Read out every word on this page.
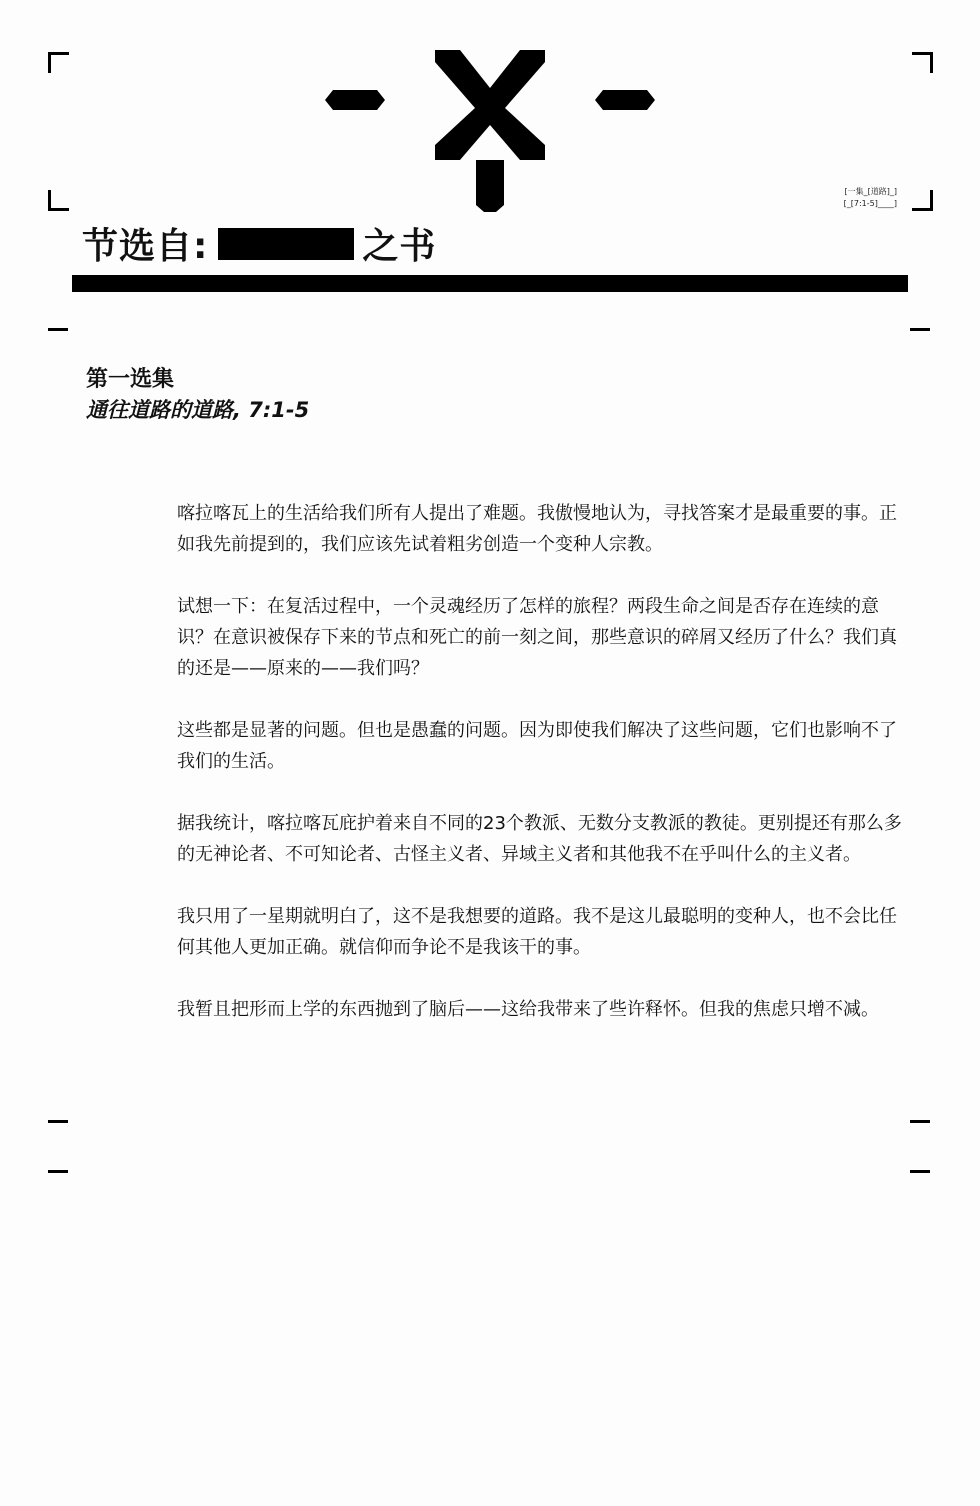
[一集_[道路]_]
[_[7:1-5]____]
节选自:	之书
第一选集
通往道路的道路, 7:1-5

喀拉喀瓦上的生活给我们所有人提出了难题。我傲慢地认为，寻找答案才是最重要的事。正如我先前提到的，我们应该先试着粗劣创造一个变种人宗教。

试想一下：在复活过程中，一个灵魂经历了怎样的旅程？两段生命之间是否存在连续的意识？在意识被保存下来的节点和死亡的前一刻之间，那些意识的碎屑又经历了什么？我们真的还是——原来的——我们吗？

这些都是显著的问题。但也是愚蠢的问题。因为即使我们解决了这些问题，它们也影响不了我们的生活。

据我统计，喀拉喀瓦庇护着来自不同的23个教派、无数分支教派的教徒。更别提还有那么多的无神论者、不可知论者、古怪主义者、异域主义者和其他我不在乎叫什么的主义者。

我只用了一星期就明白了，这不是我想要的道路。我不是这儿最聪明的变种人，也不会比任何其他人更加正确。就信仰而争论不是我该干的事。

我暂且把形而上学的东西抛到了脑后——这给我带来了些许释怀。但我的焦虑只增不减。
